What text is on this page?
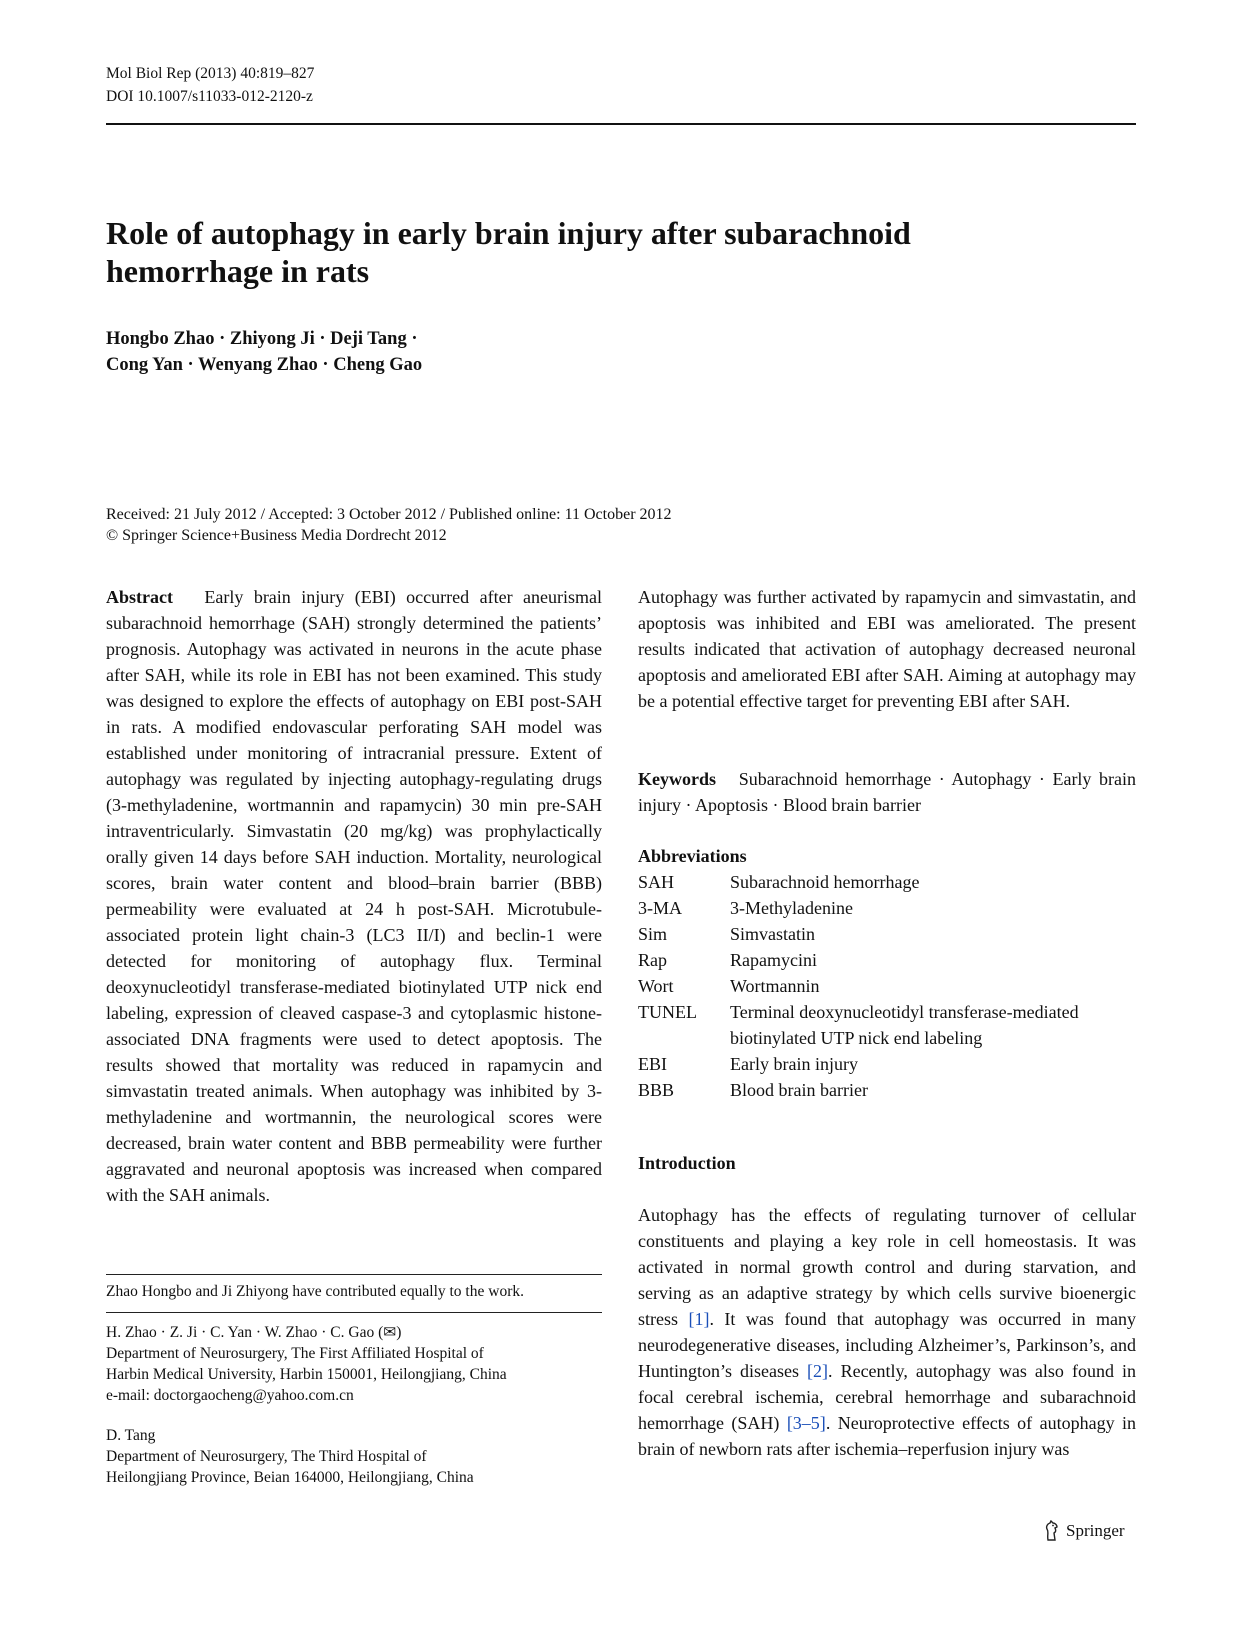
Mol Biol Rep (2013) 40:819–827
DOI 10.1007/s11033-012-2120-z
Role of autophagy in early brain injury after subarachnoid
hemorrhage in rats
Hongbo Zhao · Zhiyong Ji · Deji Tang ·
Cong Yan · Wenyang Zhao · Cheng Gao
Received: 21 July 2012 / Accepted: 3 October 2012 / Published online: 11 October 2012
© Springer Science+Business Media Dordrecht 2012

Abstract Early brain injury (EBI) occurred after aneurismal subarachnoid hemorrhage (SAH) strongly determined the patients’ prognosis. Autophagy was activated in neurons in the acute phase after SAH, while its role in EBI has not been examined. This study was designed to explore the effects of autophagy on EBI post-SAH in rats. A modified endovascular perforating SAH model was established under monitoring of intracranial pressure. Extent of autophagy was regulated by injecting autophagy-regulating drugs (3-methyladenine, wortmannin and rapamycin) 30 min pre-SAH intraventricularly. Simvastatin (20 mg/kg) was prophylactically orally given 14 days before SAH induction. Mortality, neurological scores, brain water content and blood–brain barrier (BBB) permeability were evaluated at 24 h post-SAH. Microtubule-associated protein light chain-3 (LC3 II/I) and beclin-1 were detected for monitoring of autophagy flux. Terminal deoxynucleotidyl transferase-mediated biotinylated UTP nick end labeling, expression of cleaved caspase-3 and cytoplasmic histone-associated DNA fragments were used to detect apoptosis. The results showed that mortality was reduced in rapamycin and simvastatin treated animals. When autophagy was inhibited by 3-methyladenine and wortmannin, the neurological scores were decreased, brain water content and BBB permeability were further aggravated and neuronal apoptosis was increased when compared with the SAH animals.

Zhao Hongbo and Ji Zhiyong have contributed equally to the work.
H. Zhao · Z. Ji · C. Yan · W. Zhao · C. Gao (✉)
Department of Neurosurgery, The First Affiliated Hospital of
Harbin Medical University, Harbin 150001, Heilongjiang, China
e-mail: doctorgaocheng@yahoo.com.cn
D. Tang
Department of Neurosurgery, The Third Hospital of
Heilongjiang Province, Beian 164000, Heilongjiang, China

Autophagy was further activated by rapamycin and simvastatin, and apoptosis was inhibited and EBI was ameliorated. The present results indicated that activation of autophagy decreased neuronal apoptosis and ameliorated EBI after SAH. Aiming at autophagy may be a potential effective target for preventing EBI after SAH.

Keywords Subarachnoid hemorrhage · Autophagy · Early brain injury · Apoptosis · Blood brain barrier

Abbreviations
SAH	Subarachnoid hemorrhage
3-MA	3-Methyladenine
Sim	Simvastatin
Rap	Rapamycini
Wort	Wortmannin
TUNEL	Terminal deoxynucleotidyl transferase-mediated biotinylated UTP nick end labeling
EBI	Early brain injury
BBB	Blood brain barrier
Introduction

Autophagy has the effects of regulating turnover of cellular constituents and playing a key role in cell homeostasis. It was activated in normal growth control and during starvation, and serving as an adaptive strategy by which cells survive bioenergic stress [1]. It was found that autophagy was occurred in many neurodegenerative diseases, including Alzheimer’s, Parkinson’s, and Huntington’s diseases [2]. Recently, autophagy was also found in focal cerebral ischemia, cerebral hemorrhage and subarachnoid hemorrhage (SAH) [3–5]. Neuroprotective effects of autophagy in brain of newborn rats after ischemia–reperfusion injury was

Springer
